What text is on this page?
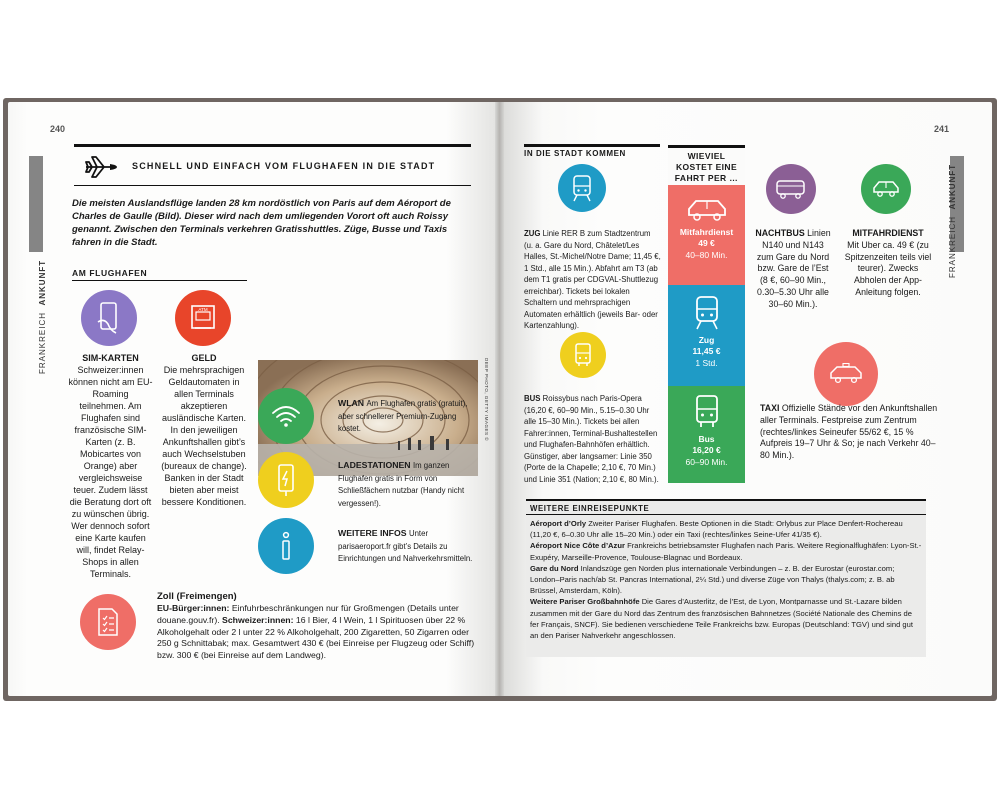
240
FRANKREICH  ANKUNFT
SCHNELL UND EINFACH VOM FLUGHAFEN IN DIE STADT
Die meisten Auslandsflüge landen 28 km nordöstlich von Paris auf dem Aéroport de Charles de Gaulle (Bild). Dieser wird nach dem umliegenden Vorort oft auch Roissy genannt. Zwischen den Terminals verkehren Gratisshuttles. Züge, Busse und Taxis fahren in die Stadt.
AM FLUGHAFEN
SIM-KARTEN
Schweizer:innen können nicht am EU-Roaming teilnehmen. Am Flughafen sind französische SIM-Karten (z. B. Mobicartes von Orange) aber vergleichsweise teuer. Zudem lässt die Beratung dort oft zu wünschen übrig. Wer dennoch sofort eine Karte kaufen will, findet Relay-Shops in allen Terminals.
ATM
GELD
Die mehrsprachigen Geldautomaten in allen Terminals akzeptieren ausländische Karten. In den jeweiligen Ankunftshallen gibt’s auch Wechselstuben (bureaux de change). Banken in der Stadt bieten aber meist bessere Konditionen.
DEEP PHOTO, GETTY IMAGES ©
WLAN Am Flughafen gratis (gratuit), aber schnellerer Premium-Zugang kostet.
LADESTATIONEN Im ganzen Flughafen gratis in Form von Schließfächern nutzbar (Handy nicht vergessen!).
WEITERE INFOS Unter parisaeroport.fr gibt’s Details zu Einrichtungen und Nahverkehrsmitteln.
Zoll (Freimengen)
EU-Bürger:innen: Einfuhrbeschränkungen nur für Großmengen (Details unter douane.gouv.fr). Schweizer:innen: 16 l Bier, 4 l Wein, 1 l Spirituosen über 22 % Alkoholgehalt oder 2 l unter 22 % Alkoholgehalt, 200 Zigaretten, 50 Zigarren oder 250 g Schnittabak; max. Gesamtwert 430 € (bei Einreise per Flugzeug oder Schiff) bzw. 300 € (bei Einreise auf dem Landweg).
241
FRANKREICH  ANKUNFT
IN DIE STADT KOMMEN
ZUG Linie RER B zum Stadtzentrum (u. a. Gare du Nord, Châtelet/Les Halles, St.-Michel/Notre Dame; 11,45 €, 1 Std., alle 15 Min.). Abfahrt am T3 (ab dem T1 gratis per CDGVAL-Shuttlezug erreichbar). Tickets bei lokalen Schaltern und mehrsprachigen Automaten erhältlich (jeweils Bar- oder Kartenzahlung).
BUS Roissybus nach Paris-Opera (16,20 €, 60–90 Min., 5.15–0.30 Uhr alle 15–30 Min.). Tickets bei allen Fahrer:innen, Terminal-Bushaltestellen und Flughafen-Bahnhöfen erhältlich. Günstiger, aber langsamer: Linie 350 (Porte de la Chapelle; 2,10 €, 70 Min.) und Linie 351 (Nation; 2,10 €, 80 Min.).
NACHTBUS Linien N140 und N143 zum Gare du Nord bzw. Gare de l’Est (8 €, 60–90 Min., 0.30–5.30 Uhr alle 30–60 Min.).
MITFAHRDIENST
Mit Uber ca. 49 € (zu Spitzenzeiten teils viel teurer). Zwecks Abholen der App-Anleitung folgen.
TAXI Offizielle Stände vor den Ankunftshallen aller Terminals. Festpreise zum Zentrum (rechtes/linkes Seineufer 55/62 €, 15 % Aufpreis 19–7 Uhr & So; je nach Verkehr 40–80 Min.).
WEITERE EINREISEPUNKTE
Aéroport d’Orly Zweiter Pariser Flughafen. Beste Optionen in die Stadt: Orlybus zur Place Denfert-Rochereau (11,20 €, 6–0.30 Uhr alle 15–20 Min.) oder ein Taxi (rechtes/linkes Seine-Ufer 41/35 €).
Aéroport Nice Côte d’Azur Frankreichs betriebsamster Flughafen nach Paris. Weitere Regionalflughäfen: Lyon-St.-Exupéry, Marseille-Provence, Toulouse-Blagnac und Bordeaux.
Gare du Nord Inlandszüge gen Norden plus internationale Verbindungen – z. B. der Eurostar (eurostar.com; London–Paris nach/ab St. Pancras International, 2¼ Std.) und diverse Züge von Thalys (thalys.com; z. B. ab Brüssel, Amsterdam, Köln).
Weitere Pariser Großbahnhöfe Die Gares d’Austerlitz, de l’Est, de Lyon, Montparnasse und St.-Lazare bilden zusammen mit der Gare du Nord das Zentrum des französischen Bahnnetzes (Société Nationale des Chemins de fer Français, SNCF). Sie bedienen verschiedene Teile Frankreichs bzw. Europas (Deutschland: TGV) und sind gut an den Pariser Nahverkehr angeschlossen.
WIEVIEL KOSTET EINE FAHRT PER …
Mitfahrdienst
49 €
40–80 Min.
Zug
11,45 €
1 Std.
Bus
16,20 €
60–90 Min.
